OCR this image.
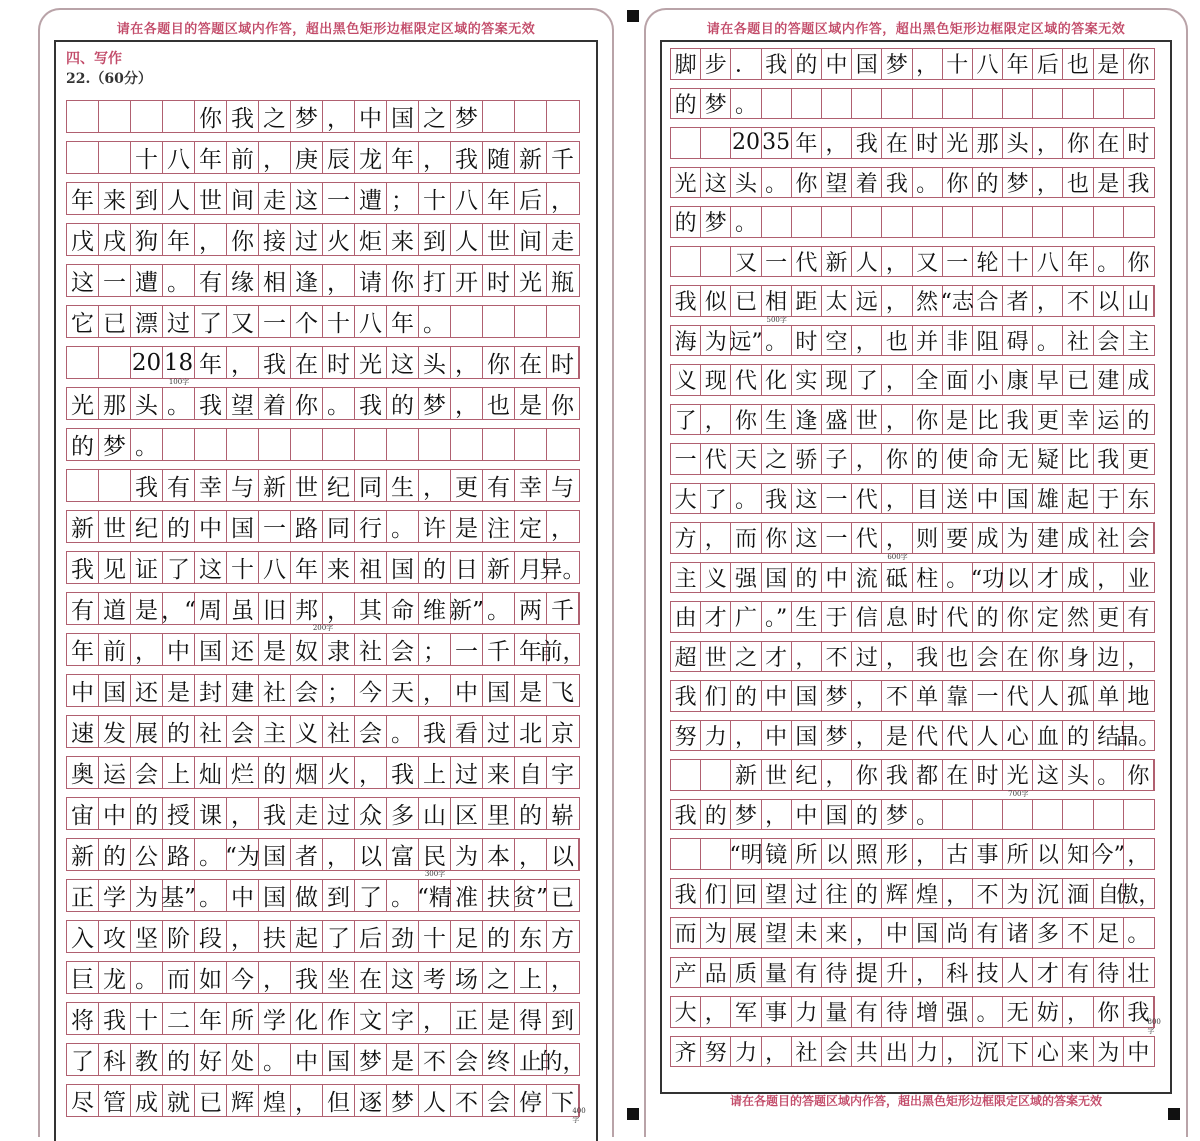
请在各题目的答题区域内作答，超出黑色矩形边框限定区域的答案无效
四、写作
22.（60分）
你 我 之 梦 ， 中 国 之 梦
十 八 年 前 ， 庚 辰 龙 年 ， 我 随 新 千
年 来 到 人 世 间 走 这 一 遭 ； 十 八 年 后 ，
戊 戌 狗 年 ， 你 接 过 火 炬 来 到 人 世 间 走
这 一 遭 。 有 缘 相 逢 ， 请 你 打 开 时 光 瓶
它 已 漂 过 了 又 一 个 十 八 年 。
20 18 年 ， 我 在 时 光 这 头 ， 你 在 时
100字
光 那 头 。 我 望 着 你 。 我 的 梦 ， 也 是 你
的 梦 。
我 有 幸 与 新 世 纪 同 生 ， 更 有 幸 与
新 世 纪 的 中 国 一 路 同 行 。 许 是 注 定 ，
我 见 证 了 这 十 八 年 来 祖 国 的 日 新 月
异。
有 道 是 ，“ 周 虽 旧 邦 ， 其 命 维 新” 。 两 千
200字
年 前 ， 中 国 还 是 奴 隶 社 会 ； 一 千 年
前，
中 国 还 是 封 建 社 会 ； 今 天 ， 中 国 是 飞
速 发 展 的 社 会 主 义 社 会 。 我 看 过 北 京
奥 运 会 上 灿 烂 的 烟 火 ， 我 上 过 来 自 宇
宙 中 的 授 课 ， 我 走 过 众 多 山 区 里 的 崭
新 的 公 路 。 “为 国 者 ， 以 富 民 为 本 ， 以
300字
正 学 为 基” 。 中 国 做 到 了 。 “精 准 扶 贫” 已
入 攻 坚 阶 段 ， 扶 起 了 后 劲 十 足 的 东 方
巨 龙 。 而 如 今 ， 我 坐 在 这 考 场 之 上 ，
将 我 十 二 年 所 学 化 作 文 字 ， 正 是 得 到
了 科 教 的 好 处 。 中 国 梦 是 不 会 终 止
的，
尽 管 成 就 已 辉 煌 ， 但 逐 梦 人 不 会 停 下
400字
请在各题目的答题区域内作答，超出黑色矩形边框限定区域的答案无效
脚 步 ． 我 的 中 国 梦 ， 十 八 年 后 也 是 你
的 梦 。
20 35 年 ， 我 在 时 光 那 头 ， 你 在 时
光 这 头 。 你 望 着 我 。 你 的 梦 ， 也 是 我
的 梦 。
又 一 代 新 人 ， 又 一 轮 十 八 年 。 你
我 似 已 相 距 太 远 ， 然 “志 合 者 ， 不 以 山
500字
海 为 远” 。 时 空 ， 也 并 非 阻 碍 。 社 会 主
义 现 代 化 实 现 了 ， 全 面 小 康 早 已 建 成
了 ， 你 生 逢 盛 世 ， 你 是 比 我 更 幸 运 的
一 代 天 之 骄 子 ， 你 的 使 命 无 疑 比 我 更
大 了 。 我 这 一 代 ， 目 送 中 国 雄 起 于 东
方 ， 而 你 这 一 代 ， 则 要 成 为 建 成 社 会
600字
主 义 强 国 的 中 流 砥 柱 。 “功 以 才 成 ， 业
由 才 广 。” 生 于 信 息 时 代 的 你 定 然 更 有
超 世 之 才 ， 不 过 ， 我 也 会 在 你 身 边 ，
我 们 的 中 国 梦 ， 不 单 靠 一 代 人 孤 单 地
努 力 ， 中 国 梦 ， 是 代 代 人 心 血 的 结
晶。
新 世 纪 ， 你 我 都 在 时 光 这 头 。 你
700字
我 的 梦 ， 中 国 的 梦 。
“明 镜 所 以 照 形 ， 古 事 所 以 知 今” ，
我 们 回 望 过 往 的 辉 煌 ， 不 为 沉 湎 自
傲，
而 为 展 望 未 来 ， 中 国 尚 有 诸 多 不 足 。
产 品 质 量 有 待 提 升 ， 科 技 人 才 有 待 壮
大 ， 军 事 力 量 有 待 增 强 。 无 妨 ， 你 我
800字
齐 努 力 ， 社 会 共 出 力 ， 沉 下 心 来 为 中
请在各题目的答题区域内作答，超出黑色矩形边框限定区域的答案无效
